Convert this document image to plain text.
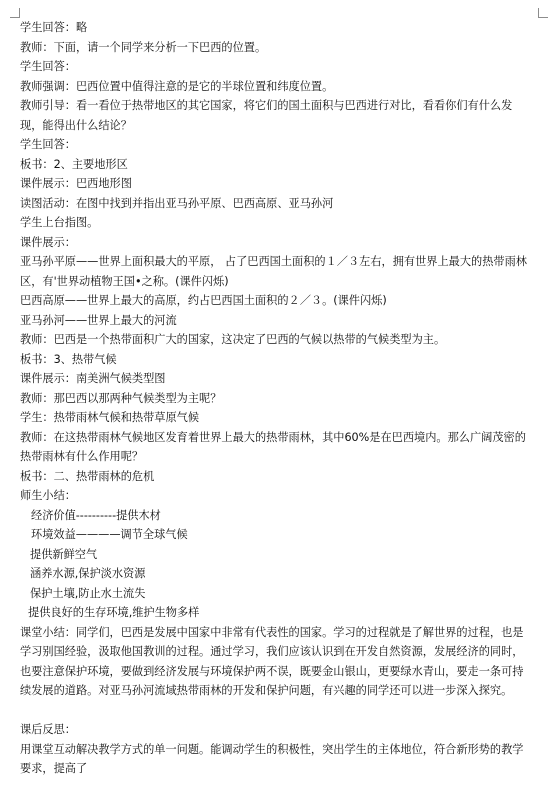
学生回答：略
教师：下面，请一个同学来分析一下巴西的位置。
学生回答：
教师强调：巴西位置中值得注意的是它的半球位置和纬度位置。
教师引导：看一看位于热带地区的其它国家，将它们的国土面积与巴西进行对比，看看你们有什么发现，能得出什么结论？
学生回答：
板书：2、主要地形区
课件展示：巴西地形图
读图活动：在图中找到并指出亚马孙平原、巴西高原、亚马孙河
学生上台指图。
课件展示：
亚马孙平原——世界上面积最大的平原， 占了巴西国土面积的１／３左右，拥有世界上最大的热带雨林区，有'世界动植物王国•之称。(课件闪烁)
巴西高原——世界上最大的高原，约占巴西国土面积的２／３。(课件闪烁)
亚马孙河——世界上最大的河流
教师：巴西是一个热带面积广大的国家，这决定了巴西的气候以热带的气候类型为主。
板书：3、热带气候
课件展示：南美洲气候类型图
教师：那巴西以那两种气候类型为主呢？
学生：热带雨林气候和热带草原气候
教师：在这热带雨林气候地区发育着世界上最大的热带雨林，其中60%是在巴西境内。那么广阔茂密的热带雨林有什么作用呢？
板书：二、热带雨林的危机
师生小结：
经济价值----------提供木材
环境效益————调节全球气候
提供新鲜空气
涵养水源,保护淡水资源
保护土壤,防止水土流失
提供良好的生存环境,维护生物多样
课堂小结：同学们，巴西是发展中国家中非常有代表性的国家。学习的过程就是了解世界的过程，也是学习别国经验，汲取他国教训的过程。通过学习，我们应该认识到在开发自然资源，发展经济的同时，也要注意保护环境，要做到经济发展与环境保护两不误，既要金山银山，更要绿水青山，要走一条可持续发展的道路。对亚马孙河流域热带雨林的开发和保护问题，有兴趣的同学还可以进一步深入探究。
课后反思：
用课堂互动解决教学方式的单一问题。能调动学生的积极性，突出学生的主体地位，符合新形势的教学要求，提高了
